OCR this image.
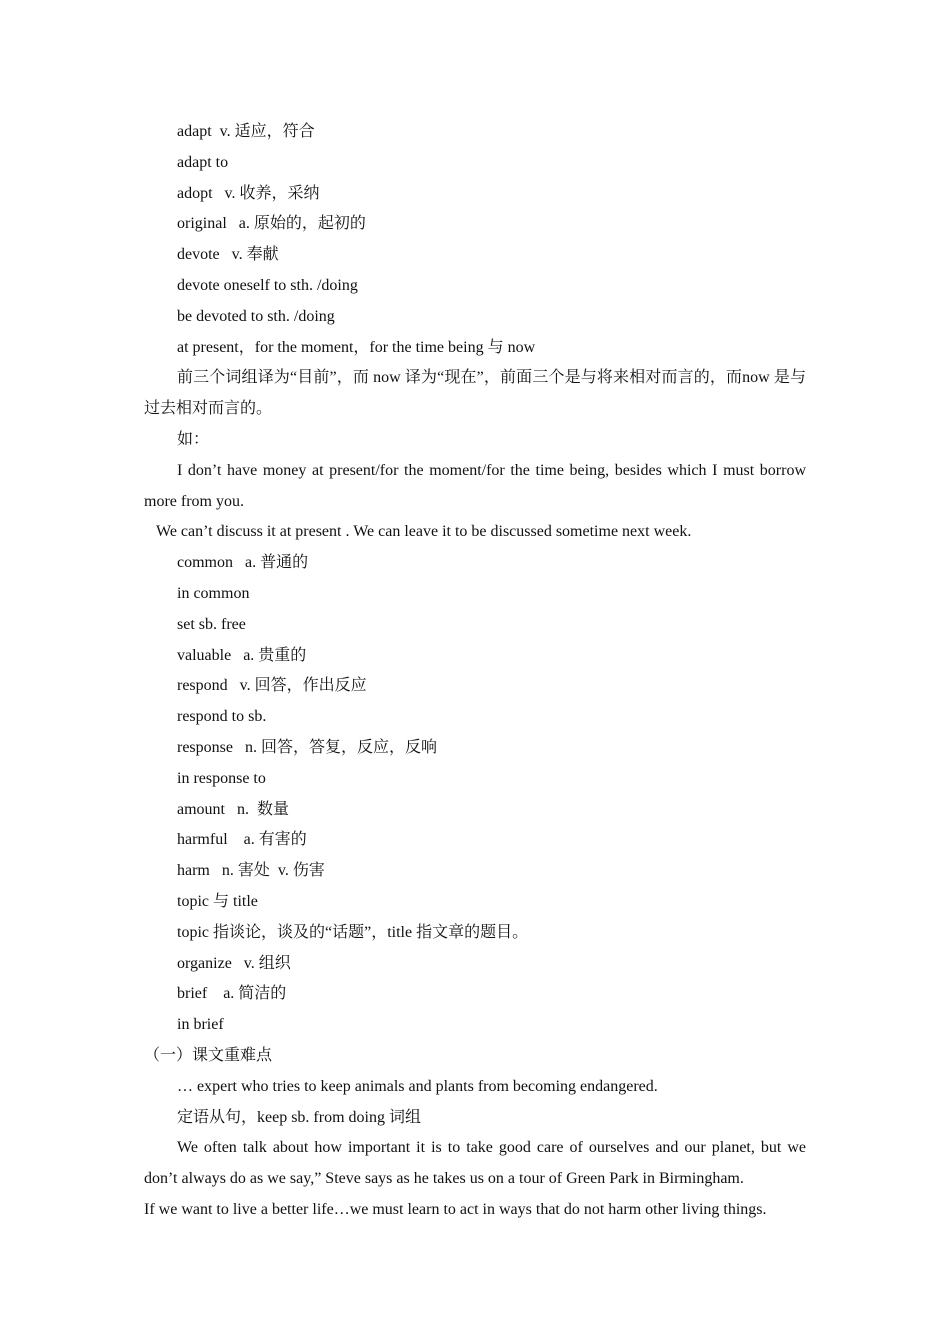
adapt  v. 适应，符合
adapt to
adopt   v. 收养，采纳
original   a. 原始的，起初的
devote   v. 奉献
devote oneself to sth. /doing
be devoted to sth. /doing
at present，for the moment，for the time being 与 now

前三个词组译为“目前”，而 now 译为“现在”，前面三个是与将来相对而言的，而now 是与过去相对而言的。

如：

I don’t have money at present/for the moment/for the time being, besides which I must borrow more from you.

We can’t discuss it at present . We can leave it to be discussed sometime next week.
common   a. 普通的
in common
set sb. free
valuable   a. 贵重的
respond   v. 回答，作出反应
respond to sb.
response   n. 回答，答复，反应，反响
in response to
amount   n.  数量
harmful    a. 有害的
harm   n. 害处  v. 伤害
topic 与 title
topic 指谈论，谈及的“话题”，title 指文章的题目。
organize   v. 组织
brief    a. 简洁的
in brief
（一）课文重难点
… expert who tries to keep animals and plants from becoming endangered.
定语从句，keep sb. from doing 词组

We often talk about how important it is to take good care of ourselves and our planet, but we don’t always do as we say,” Steve says as he takes us on a tour of Green Park in Birmingham.

If we want to live a better life…we must learn to act in ways that do not harm other living things.
